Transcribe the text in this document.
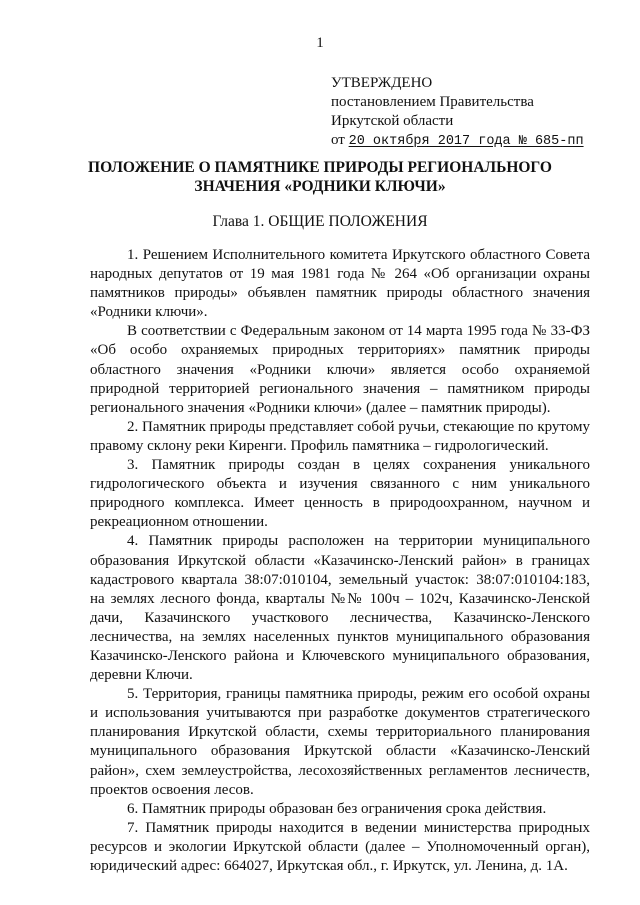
1
УТВЕРЖДЕНО
постановлением Правительства
Иркутской области
от 20 октября 2017 года № 685-пп
ПОЛОЖЕНИЕ О ПАМЯТНИКЕ ПРИРОДЫ РЕГИОНАЛЬНОГО
ЗНАЧЕНИЯ «РОДНИКИ КЛЮЧИ»
Глава 1. ОБЩИЕ ПОЛОЖЕНИЯ

1. Решением Исполнительного комитета Иркутского областного Совета народных депутатов от 19 мая 1981 года № 264 «Об организации охраны памятников природы» объявлен памятник природы областного значения «Родники ключи».

В соответствии с Федеральным законом от 14 марта 1995 года № 33-ФЗ «Об особо охраняемых природных территориях» памятник природы областного значения «Родники ключи» является особо охраняемой природной территорией регионального значения – памятником природы регионального значения «Родники ключи» (далее – памятник природы).

2. Памятник природы представляет собой ручьи, стекающие по крутому правому склону реки Киренги. Профиль памятника – гидрологический.

3. Памятник природы создан в целях сохранения уникального гидрологического объекта и изучения связанного с ним уникального природного комплекса. Имеет ценность в природоохранном, научном и рекреационном отношении.

4. Памятник природы расположен на территории муниципального образования Иркутской области «Казачинско-Ленский район» в границах кадастрового квартала 38:07:010104, земельный участок: 38:07:010104:183, на землях лесного фонда, кварталы №№ 100ч – 102ч, Казачинско-Ленской дачи, Казачинского участкового лесничества, Казачинско-Ленского лесничества, на землях населенных пунктов муниципального образования Казачинско-Ленского района и Ключевского муниципального образования, деревни Ключи.

5. Территория, границы памятника природы, режим его особой охраны и использования учитываются при разработке документов стратегического планирования Иркутской области, схемы территориального планирования муниципального образования Иркутской области «Казачинско-Ленский район», схем землеустройства, лесохозяйственных регламентов лесничеств, проектов освоения лесов.

6. Памятник природы образован без ограничения срока действия.

7. Памятник природы находится в ведении министерства природных ресурсов и экологии Иркутской области (далее – Уполномоченный орган), юридический адрес: 664027, Иркутская обл., г. Иркутск, ул. Ленина, д. 1А.
